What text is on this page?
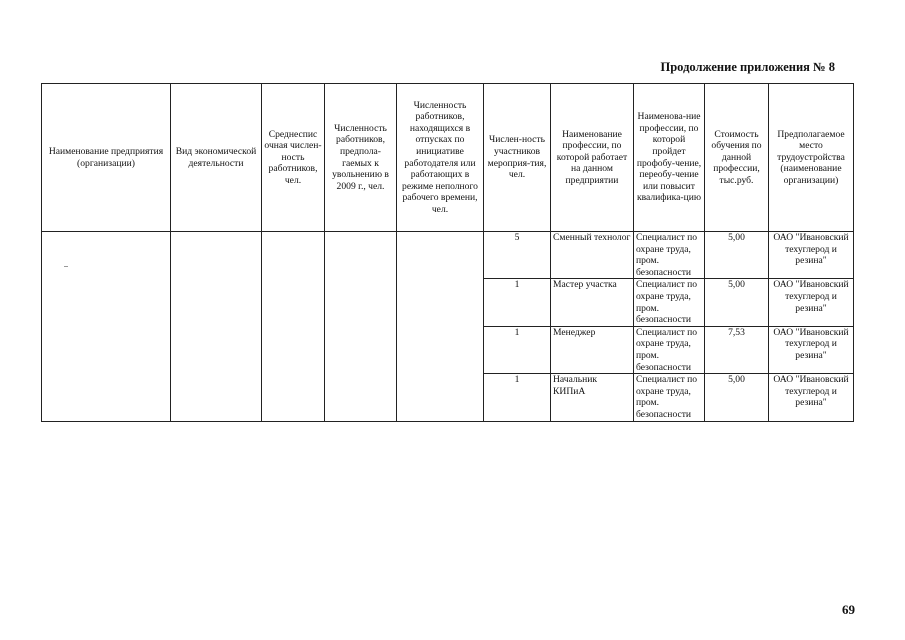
Продолжение приложения № 8
Наименование предприятия (организации)	Вид экономической деятельности	Среднеспис очная числен-ность работников, чел.	Численность работников, предпола-гаемых к увольнению в 2009 г., чел.	Численность работников, находящихся в отпусках по инициативе работодателя или работающих в режиме неполного рабочего времени, чел.	Числен-ность участников мероприя-тия, чел.	Наименование профессии, по которой работает на данном предприятии	Наименова-ние профессии, по которой пройдет профобу-чение, переобу-чение или повысит квалифика-цию	Стоимость обучения по данной профессии, тыс.руб.	Предполагаемое место трудоустройства (наименование организации)
					5	Сменный технолог	Специалист по охране труда, пром. безопасности	5,00	ОАО "Ивановский техуглерод и резина"
					1	Мастер участка	Специалист по охране труда, пром. безопасности	5,00	ОАО "Ивановский техуглерод и резина"
					1	Менеджер	Специалист по охране труда, пром. безопасности	7,53	ОАО "Ивановский техуглерод и резина"
					1	Начальник КИПиА	Специалист по охране труда, пром. безопасности	5,00	ОАО "Ивановский техуглерод и резина"
69
